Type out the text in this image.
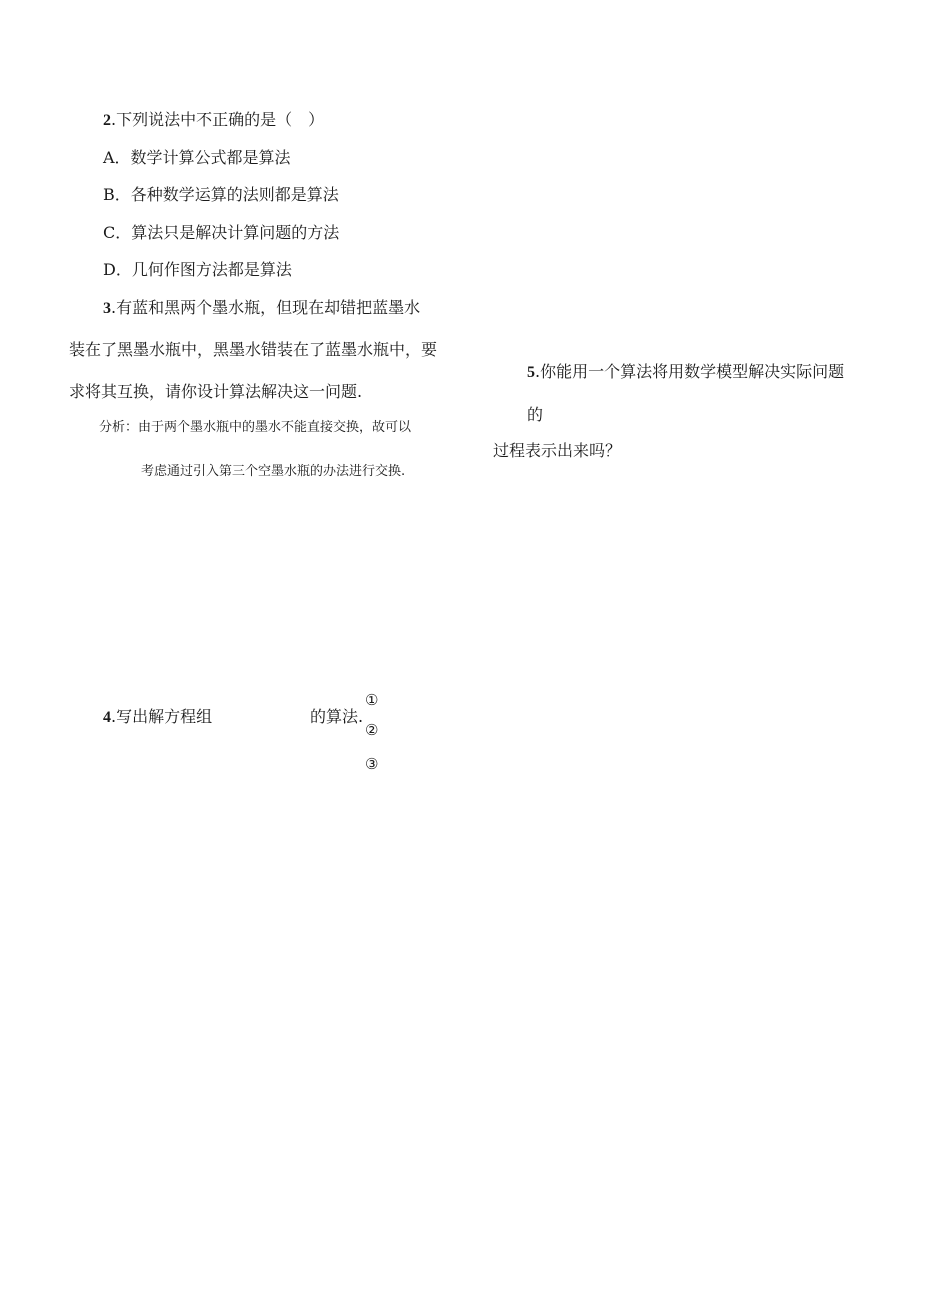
2.下列说法中不正确的是（　）
A．数学计算公式都是算法
B．各种数学运算的法则都是算法
C．算法只是解决计算问题的方法
D．几何作图方法都是算法
3.有蓝和黑两个墨水瓶，但现在却错把蓝墨水
装在了黑墨水瓶中，黑墨水错装在了蓝墨水瓶中，要
求将其互换，请你设计算法解决这一问题.
分析：由于两个墨水瓶中的墨水不能直接交换，故可以
考虑通过引入第三个空墨水瓶的办法进行交换.
4.写出解方程组	的算法.
①
②
③
5.你能用一个算法将用数学模型解决实际问题
的
过程表示出来吗？
